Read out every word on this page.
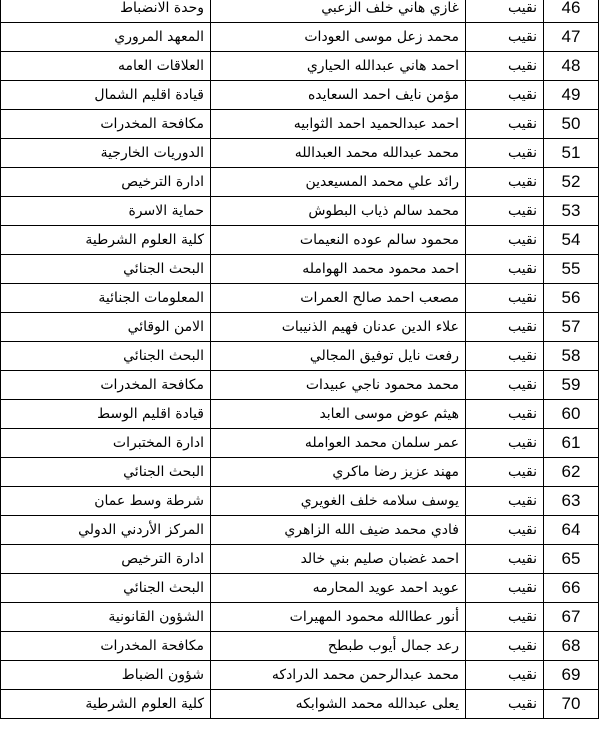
وحدة الانضباط	غازي هاني خلف الزعبي	نقيب	46
المعهد المروري	محمد زعل موسى العودات	نقيب	47
العلاقات العامه	احمد هاني عبدالله الحياري	نقيب	48
قيادة اقليم الشمال	مؤمن نايف احمد السعايده	نقيب	49
مكافحة المخدرات	احمد عبدالحميد احمد الثوابيه	نقيب	50
الدوريات الخارجية	محمد عبدالله محمد العبدالله	نقيب	51
ادارة الترخيص	رائد علي محمد المسيعدين	نقيب	52
حماية الاسرة	محمد سالم ذياب البطوش	نقيب	53
كلية العلوم الشرطية	محمود سالم عوده النعيمات	نقيب	54
البحث الجنائي	احمد محمود محمد الهوامله	نقيب	55
المعلومات الجنائية	مصعب احمد صالح العمرات	نقيب	56
الامن الوقائي	علاء الدين عدنان فهيم الذنيبات	نقيب	57
البحث الجنائي	رفعت نايل توفيق المجالي	نقيب	58
مكافحة المخدرات	محمد محمود ناجي عبيدات	نقيب	59
قيادة اقليم الوسط	هيثم عوض موسى العابد	نقيب	60
ادارة المختبرات	عمر سلمان محمد العوامله	نقيب	61
البحث الجنائي	مهند عزيز رضا ماكري	نقيب	62
شرطة وسط عمان	يوسف سلامه خلف الغويري	نقيب	63
المركز الأردني الدولي	فادي محمد ضيف الله الزاهري	نقيب	64
ادارة الترخيص	احمد غضبان صليم بني خالد	نقيب	65
البحث الجنائي	عويد احمد عويد المحارمه	نقيب	66
الشؤون القانونية	أنور عطاالله محمود المهيرات	نقيب	67
مكافحة المخدرات	رعد جمال أيوب طبطح	نقيب	68
شؤون الضباط	محمد عبدالرحمن محمد الدرادكه	نقيب	69
كلية العلوم الشرطية	يعلى عبدالله محمد الشوابكه	نقيب	70
